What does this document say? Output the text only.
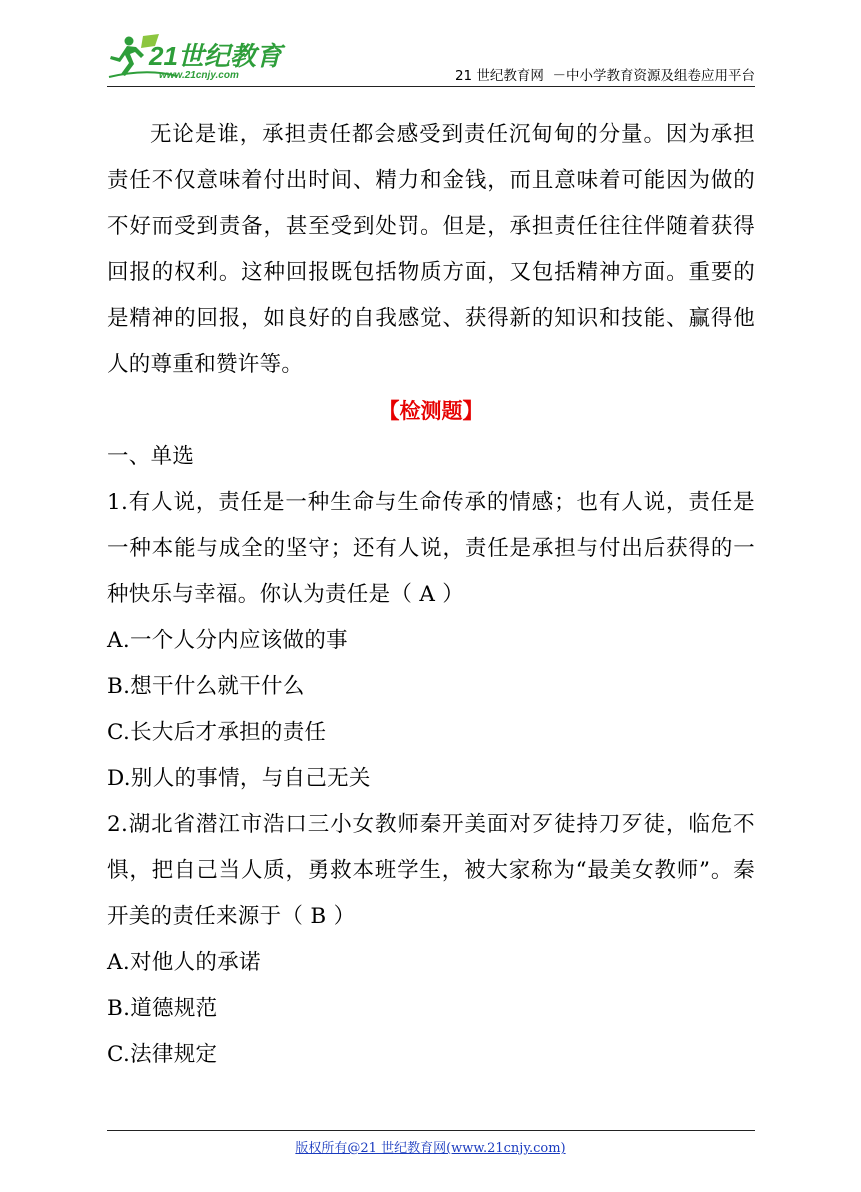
21世纪教育
www.21cnjy.com	21 世纪教育网  －中小学教育资源及组卷应用平台

无论是谁，承担责任都会感受到责任沉甸甸的分量。因为承担责任不仅意味着付出时间、精力和金钱，而且意味着可能因为做的不好而受到责备，甚至受到处罚。但是，承担责任往往伴随着获得回报的权利。这种回报既包括物质方面，又包括精神方面。重要的是精神的回报，如良好的自我感觉、获得新的知识和技能、赢得他人的尊重和赞许等。

【检测题】

一、单选

1.有人说，责任是一种生命与生命传承的情感；也有人说，责任是一种本能与成全的坚守；还有人说，责任是承担与付出后获得的一种快乐与幸福。你认为责任是（ A ）

A.一个人分内应该做的事

B.想干什么就干什么

C.长大后才承担的责任

D.别人的事情，与自己无关

2.湖北省潜江市浩口三小女教师秦开美面对歹徒持刀歹徒，临危不惧，把自己当人质，勇救本班学生，被大家称为“最美女教师”。秦开美的责任来源于（ B ）

A.对他人的承诺

B.道德规范

C.法律规定

版权所有@21 世纪教育网(www.21cnjy.com)
